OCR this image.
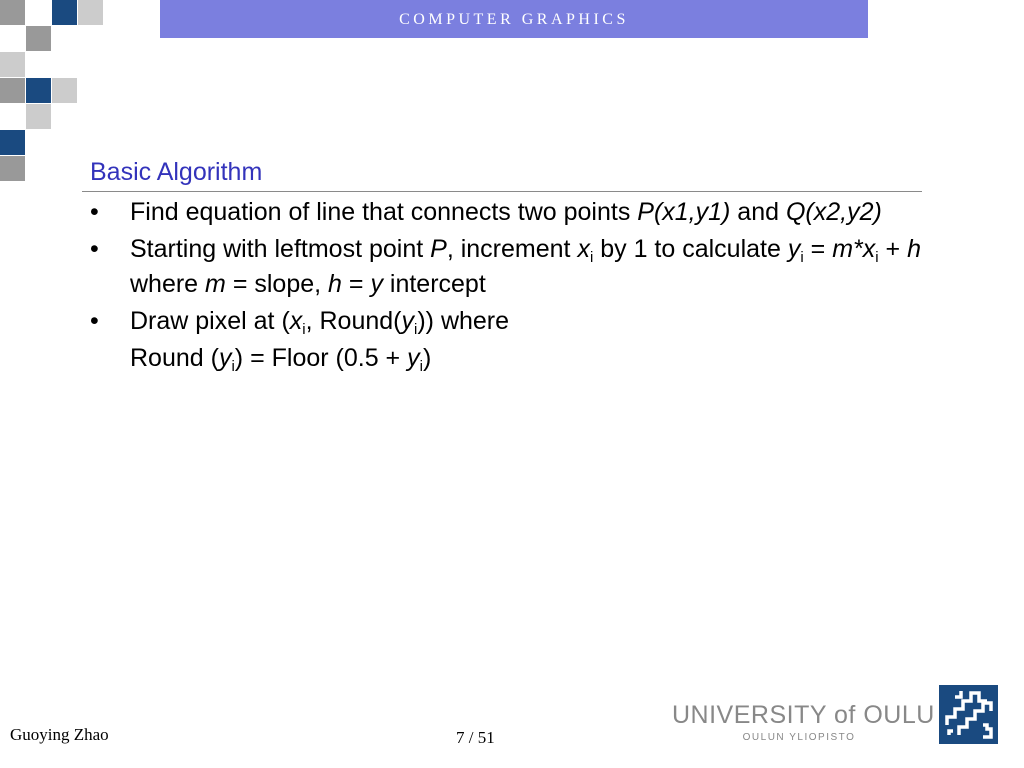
COMPUTER GRAPHICS
Basic Algorithm
• Find equation of line that connects two points P(x1,y1) and Q(x2,y2)
• Starting with leftmost point P, increment $x_i$ by 1 to calculate $y_i = m*x_i + h$
where m = slope, h = y intercept
• Draw pixel at ($x_i$, $Round(y_i)$) where
Round $(y_i)$ = Floor $(0.5 + y_i)$
Guoying Zhao	7 / 51
UNIVERSITY of OULU
OULUN YLIOPISTO
